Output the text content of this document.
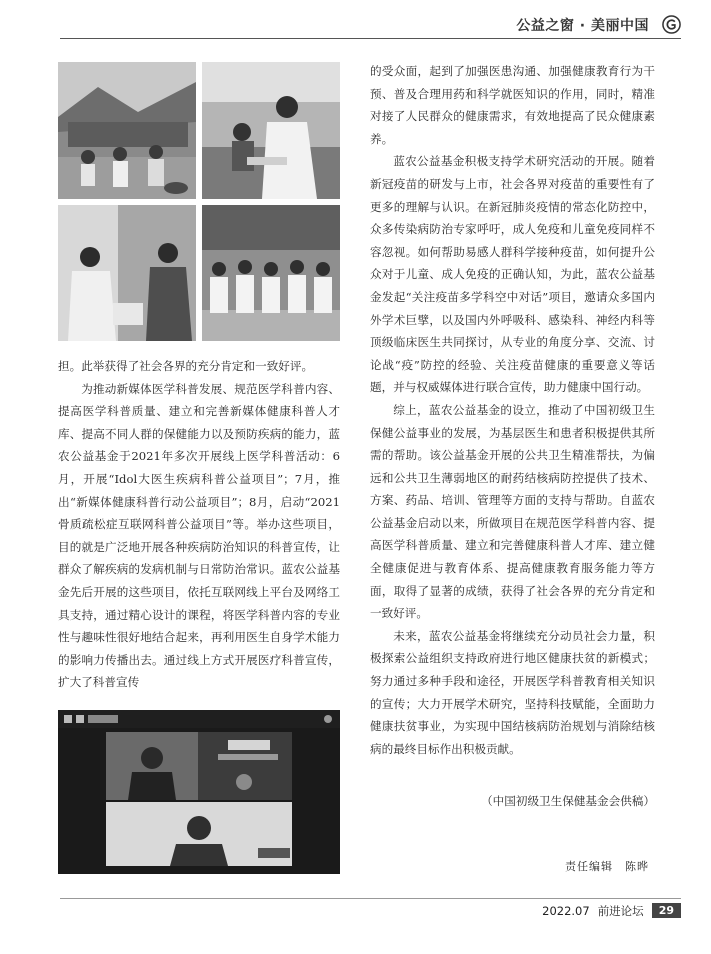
公益之窗 · 美丽中国

担。此举获得了社会各界的充分肯定和一致好评。

为推动新媒体医学科普发展、规范医学科普内容、提高医学科普质量、建立和完善新媒体健康科普人才库、提高不同人群的保健能力以及预防疾病的能力，蓝农公益基金于2021年多次开展线上医学科普活动：6月，开展“Idol大医生疾病科普公益项目”；7月，推出“新媒体健康科普行动公益项目”；8月，启动“2021骨质疏松症互联网科普公益项目”等。举办这些项目，目的就是广泛地开展各种疾病防治知识的科普宣传，让群众了解疾病的发病机制与日常防治常识。蓝农公益基金先后开展的这些项目，依托互联网线上平台及网络工具支持，通过精心设计的课程，将医学科普内容的专业性与趣味性很好地结合起来，再利用医生自身学术能力的影响力传播出去。通过线上方式开展医疗科普宣传，扩大了科普宣传

的受众面，起到了加强医患沟通、加强健康教育行为干预、普及合理用药和科学就医知识的作用，同时，精准对接了人民群众的健康需求，有效地提高了民众健康素养。

蓝农公益基金积极支持学术研究活动的开展。随着新冠疫苗的研发与上市，社会各界对疫苗的重要性有了更多的理解与认识。在新冠肺炎疫情的常态化防控中，众多传染病防治专家呼吁，成人免疫和儿童免疫同样不容忽视。如何帮助易感人群科学接种疫苗，如何提升公众对于儿童、成人免疫的正确认知，为此，蓝农公益基金发起“关注疫苗多学科空中对话”项目，邀请众多国内外学术巨擘，以及国内外呼吸科、感染科、神经内科等顶级临床医生共同探讨，从专业的角度分享、交流、讨论战“疫”防控的经验、关注疫苗健康的重要意义等话题，并与权威媒体进行联合宣传，助力健康中国行动。

综上，蓝农公益基金的设立，推动了中国初级卫生保健公益事业的发展，为基层医生和患者积极提供其所需的帮助。该公益基金开展的公共卫生精准帮扶，为偏远和公共卫生薄弱地区的耐药结核病防控提供了技术、方案、药品、培训、管理等方面的支持与帮助。自蓝农公益基金启动以来，所做项目在规范医学科普内容、提高医学科普质量、建立和完善健康科普人才库、建立健全健康促进与教育体系、提高健康教育服务能力等方面，取得了显著的成绩，获得了社会各界的充分肯定和一致好评。

未来，蓝农公益基金将继续充分动员社会力量，积极探索公益组织支持政府进行地区健康扶贫的新模式；努力通过多种手段和途径，开展医学科普教育相关知识的宣传；大力开展学术研究，坚持科技赋能，全面助力健康扶贫事业，为实现中国结核病防治规划与消除结核病的最终目标作出积极贡献。

（中国初级卫生保健基金会供稿）
责任编辑　陈晔
2022.07 前进论坛	29
